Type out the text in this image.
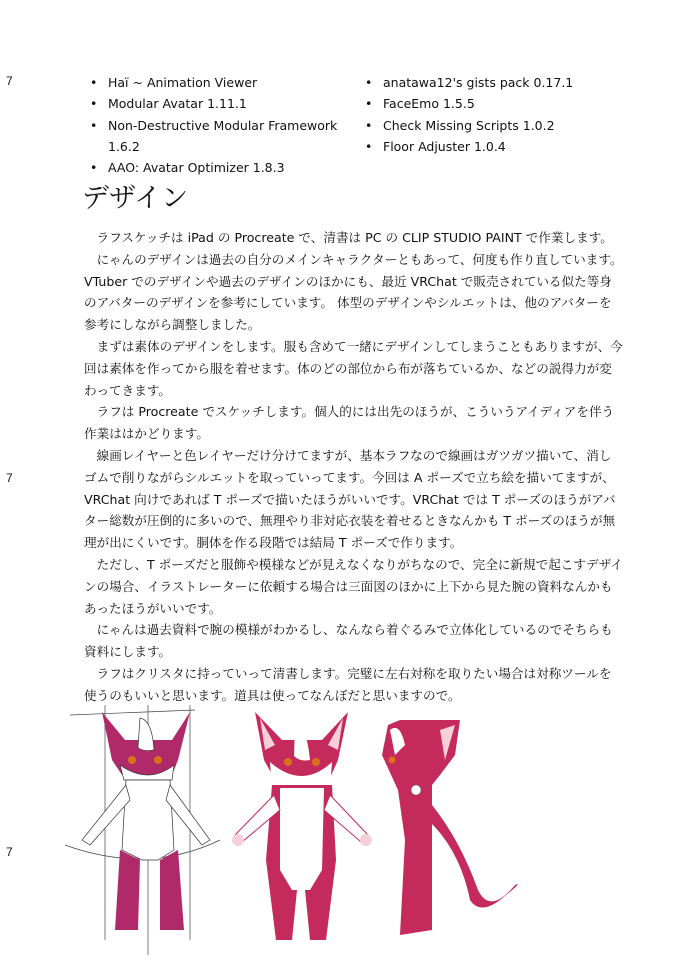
7
7
7
• Haï ~ Animation Viewer
• Modular Avatar 1.11.1
• Non-Destructive Modular Framework 1.6.2
• AAO: Avatar Optimizer 1.8.3
• anatawa12's gists pack 0.17.1
• FaceEmo 1.5.5
• Check Missing Scripts 1.0.2
• Floor Adjuster 1.0.4
デザイン

ラフスケッチは iPad の Procreate で、清書は PC の CLIP STUDIO PAINT で作業します。

にゃんのデザインは過去の自分のメインキャラクターともあって、何度も作り直しています。VTuber でのデザインや過去のデザインのほかにも、最近 VRChat で販売されている似た等身のアバターのデザインを参考にしています。 体型のデザインやシルエットは、他のアバターを参考にしながら調整しました。

まずは素体のデザインをします。服も含めて一緒にデザインしてしまうこともありますが、今回は素体を作ってから服を着せます。体のどの部位から布が落ちているか、などの説得力が変わってきます。

ラフは Procreate でスケッチします。個人的には出先のほうが、こういうアイディアを伴う作業ははかどります。

線画レイヤーと色レイヤーだけ分けてますが、基本ラフなので線画はガツガツ描いて、消しゴムで削りながらシルエットを取っていってます。今回は A ポーズで立ち絵を描いてますが、VRChat 向けであれば T ポーズで描いたほうがいいです。VRChat では T ポーズのほうがアバター総数が圧倒的に多いので、無理やり非対応衣装を着せるときなんかも T ポーズのほうが無理が出にくいです。胴体を作る段階では結局 T ポーズで作ります。

ただし、T ポーズだと服飾や模様などが見えなくなりがちなので、完全に新規で起こすデザインの場合、イラストレーターに依頼する場合は三面図のほかに上下から見た腕の資料なんかもあったほうがいいです。

にゃんは過去資料で腕の模様がわかるし、なんなら着ぐるみで立体化しているのでそちらも資料にします。

ラフはクリスタに持っていって清書します。完璧に左右対称を取りたい場合は対称ツールを使うのもいいと思います。道具は使ってなんぼだと思いますので。
